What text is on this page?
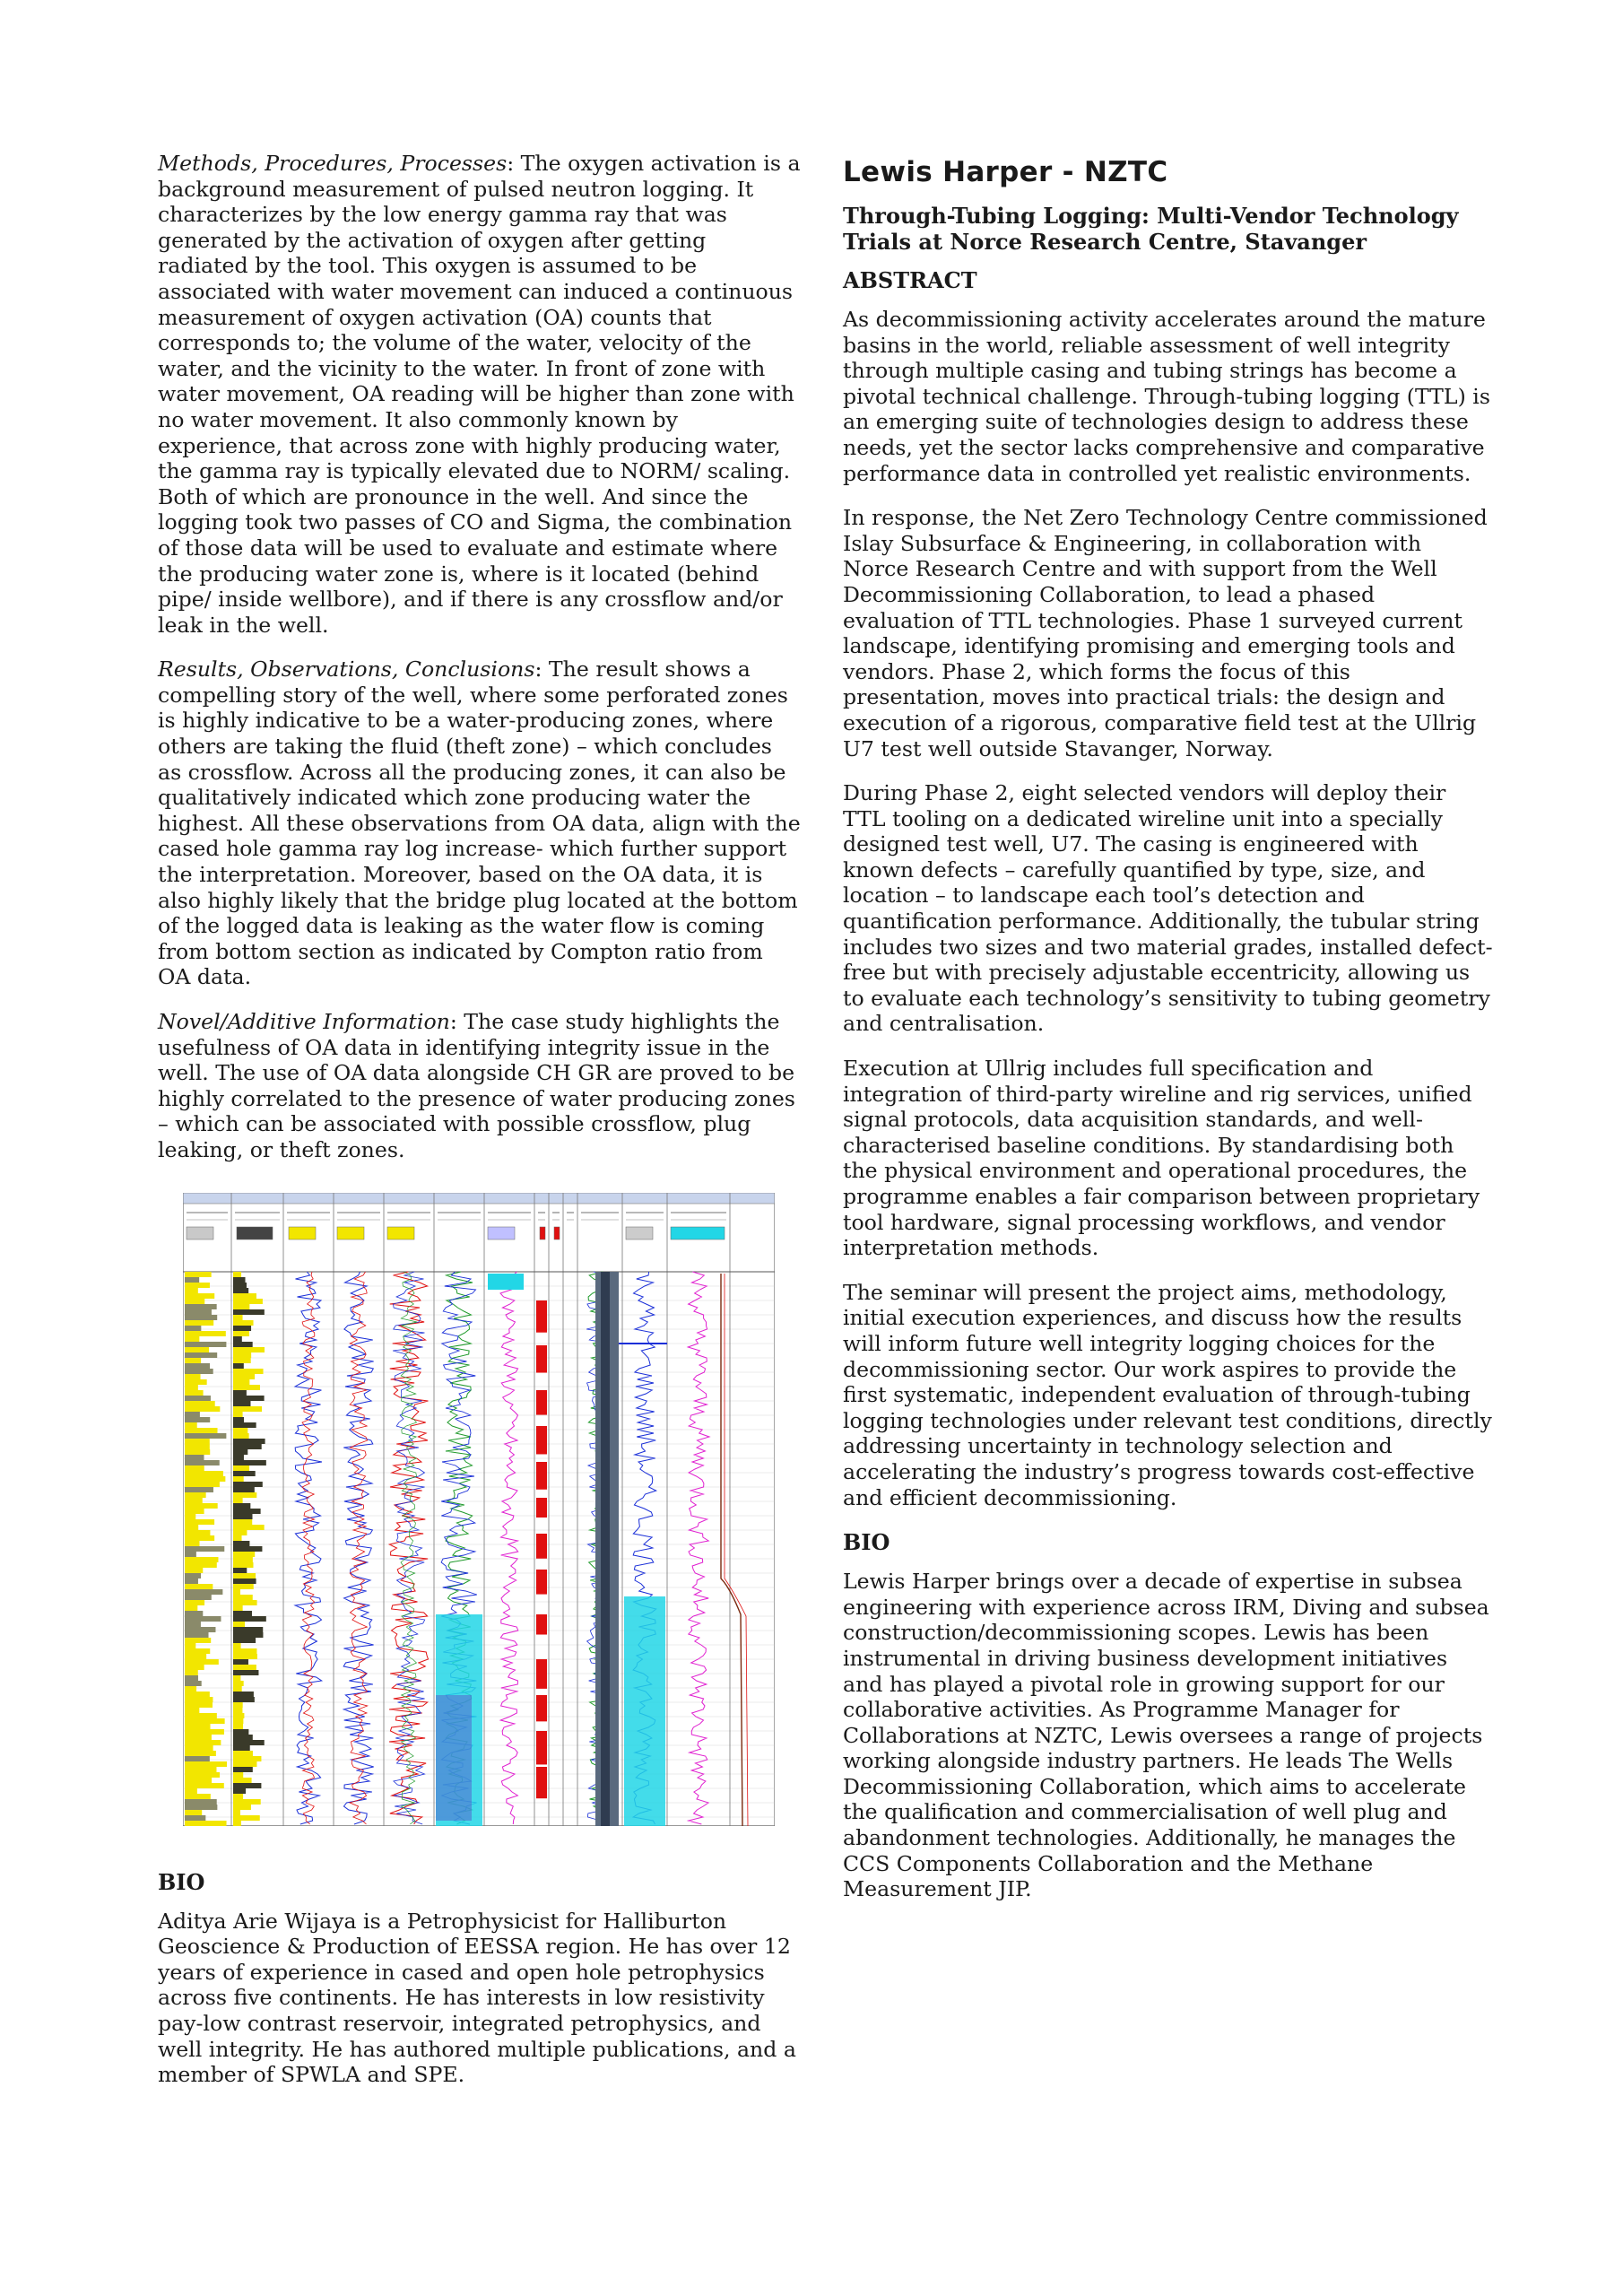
Methods, Procedures, Processes: The oxygen activation is a background measurement of pulsed neutron logging. It characterizes by the low energy gamma ray that was generated by the activation of oxygen after getting radiated by the tool. This oxygen is assumed to be associated with water movement can induced a continuous measurement of oxygen activation (OA) counts that corresponds to; the volume of the water, velocity of the water, and the vicinity to the water. In front of zone with water movement, OA reading will be higher than zone with no water movement. It also commonly known by experience, that across zone with highly producing water, the gamma ray is typically elevated due to NORM/ scaling. Both of which are pronounce in the well. And since the logging took two passes of CO and Sigma, the combination of those data will be used to evaluate and estimate where the producing water zone is, where is it located (behind pipe/ inside wellbore), and if there is any crossflow and/or leak in the well.

Results, Observations, Conclusions: The result shows a compelling story of the well, where some perforated zones is highly indicative to be a water-producing zones, where others are taking the fluid (theft zone) – which concludes as crossflow. Across all the producing zones, it can also be qualitatively indicated which zone producing water the highest. All these observations from OA data, align with the cased hole gamma ray log increase- which further support the interpretation. Moreover, based on the OA data, it is also highly likely that the bridge plug located at the bottom of the logged data is leaking as the water flow is coming from bottom section as indicated by Compton ratio from OA data.

Novel/Additive Information: The case study highlights the usefulness of OA data in identifying integrity issue in the well. The use of OA data alongside CH GR are proved to be highly correlated to the presence of water producing zones – which can be associated with possible crossflow, plug leaking, or theft zones.

BIO

Aditya Arie Wijaya is a Petrophysicist for Halliburton Geoscience & Production of EESSA region. He has over 12 years of experience in cased and open hole petrophysics across five continents. He has interests in low resistivity pay-low contrast reservoir, integrated petrophysics, and well integrity. He has authored multiple publications, and a member of SPWLA and SPE.

Lewis Harper - NZTC
Through-Tubing Logging: Multi-Vendor Technology Trials at Norce Research Centre, Stavanger
ABSTRACT

As decommissioning activity accelerates around the mature basins in the world, reliable assessment of well integrity through multiple casing and tubing strings has become a pivotal technical challenge. Through-tubing logging (TTL) is an emerging suite of technologies design to address these needs, yet the sector lacks comprehensive and comparative performance data in controlled yet realistic environments.

In response, the Net Zero Technology Centre commissioned Islay Subsurface & Engineering, in collaboration with Norce Research Centre and with support from the Well Decommissioning Collaboration, to lead a phased evaluation of TTL technologies. Phase 1 surveyed current landscape, identifying promising and emerging tools and vendors. Phase 2, which forms the focus of this presentation, moves into practical trials: the design and execution of a rigorous, comparative field test at the Ullrig U7 test well outside Stavanger, Norway.

During Phase 2, eight selected vendors will deploy their TTL tooling on a dedicated wireline unit into a specially designed test well, U7. The casing is engineered with known defects – carefully quantified by type, size, and location – to landscape each tool’s detection and quantification performance. Additionally, the tubular string includes two sizes and two material grades, installed defect-free but with precisely adjustable eccentricity, allowing us to evaluate each technology’s sensitivity to tubing geometry and centralisation.

Execution at Ullrig includes full specification and integration of third-party wireline and rig services, unified signal protocols, data acquisition standards, and well-characterised baseline conditions. By standardising both the physical environment and operational procedures, the programme enables a fair comparison between proprietary tool hardware, signal processing workflows, and vendor interpretation methods.

The seminar will present the project aims, methodology, initial execution experiences, and discuss how the results will inform future well integrity logging choices for the decommissioning sector. Our work aspires to provide the first systematic, independent evaluation of through-tubing logging technologies under relevant test conditions, directly addressing uncertainty in technology selection and accelerating the industry’s progress towards cost-effective and efficient decommissioning.

BIO

Lewis Harper brings over a decade of expertise in subsea engineering with experience across IRM, Diving and subsea construction/decommissioning scopes. Lewis has been instrumental in driving business development initiatives and has played a pivotal role in growing support for our collaborative activities. As Programme Manager for Collaborations at NZTC, Lewis oversees a range of projects working alongside industry partners. He leads The Wells Decommissioning Collaboration, which aims to accelerate the qualification and commercialisation of well plug and abandonment technologies. Additionally, he manages the CCS Components Collaboration and the Methane Measurement JIP.
